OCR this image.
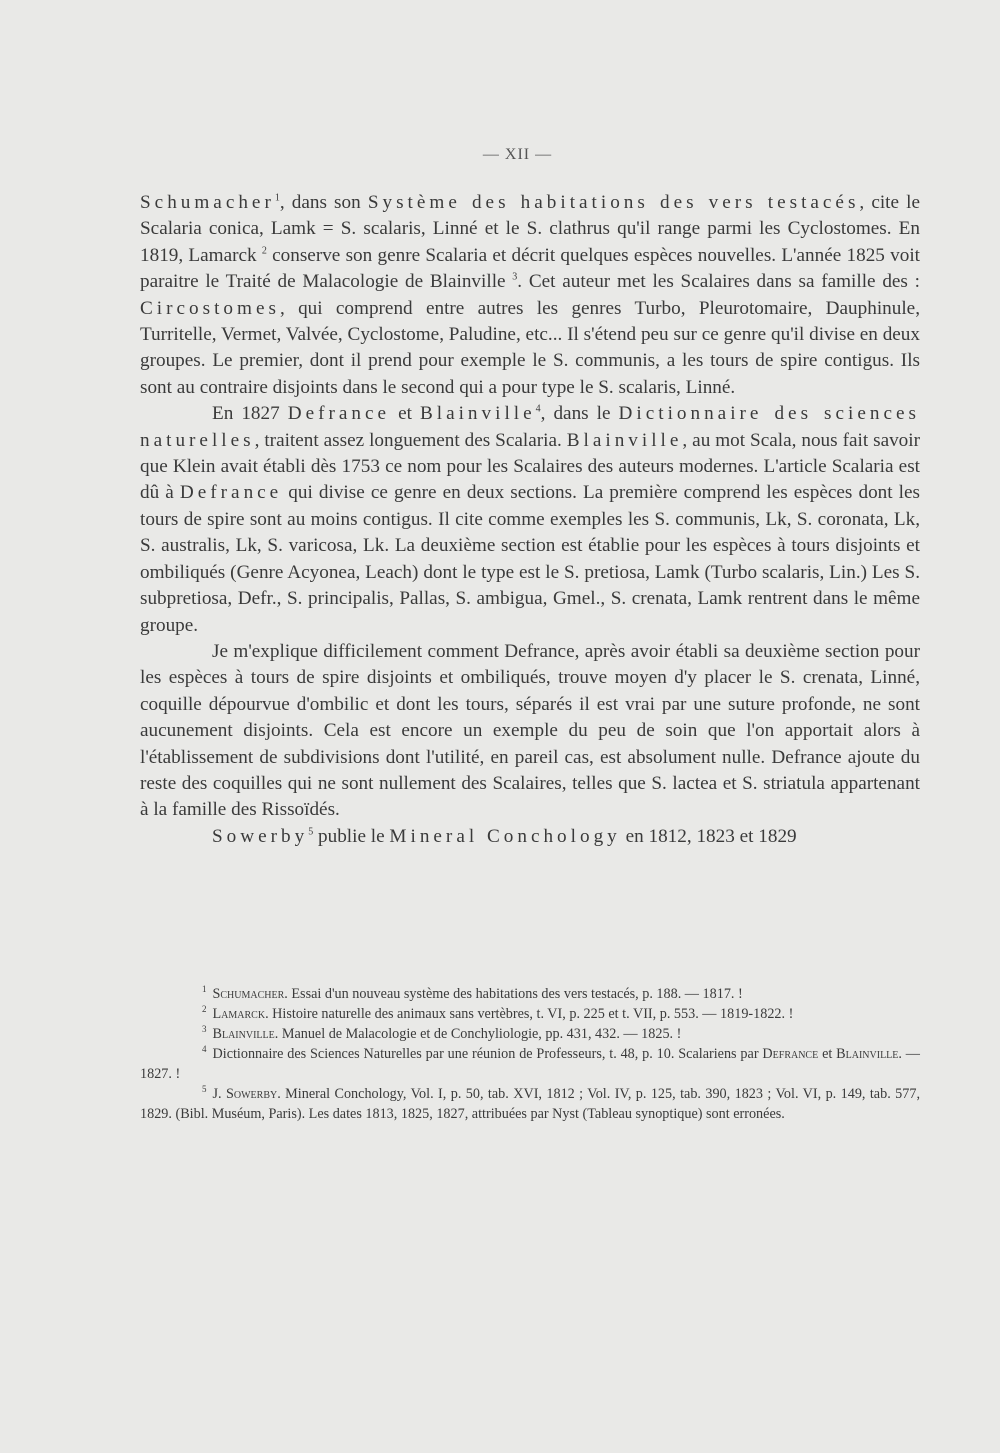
— XII —

Schumacher$^1$, dans son Système des habitations des vers testacés, cite le Scalaria conica, Lamk = S. scalaris, Linné et le S. clathrus qu'il range parmi les Cyclostomes. En 1819, Lamarck $^2$ conserve son genre Scalaria et décrit quelques espèces nouvelles. L'année 1825 voit paraitre le Traité de Malacologie de Blainville $^3$. Cet auteur met les Scalaires dans sa famille des : Circostomes, qui comprend entre autres les genres Turbo, Pleurotomaire, Dauphinule, Turritelle, Vermet, Valvée, Cyclostome, Paludine, etc... Il s'étend peu sur ce genre qu'il divise en deux groupes. Le premier, dont il prend pour exemple le S. communis, a les tours de spire contigus. Ils sont au contraire disjoints dans le second qui a pour type le S. scalaris, Linné.

En 1827 Defrance et Blainville$^4$, dans le Dictionnaire des sciences naturelles, traitent assez longuement des Scalaria. Blainville, au mot Scala, nous fait savoir que Klein avait établi dès 1753 ce nom pour les Scalaires des auteurs modernes. L'article Scalaria est dû à Defrance qui divise ce genre en deux sections. La première comprend les espèces dont les tours de spire sont au moins contigus. Il cite comme exemples les S. communis, Lk, S. coronata, Lk, S. australis, Lk, S. varicosa, Lk. La deuxième section est établie pour les espèces à tours disjoints et ombiliqués (Genre Acyonea, Leach) dont le type est le S. pretiosa, Lamk (Turbo scalaris, Lin.) Les S. subpretiosa, Defr., S. principalis, Pallas, S. ambigua, Gmel., S. crenata, Lamk rentrent dans le même groupe.

Je m'explique difficilement comment Defrance, après avoir établi sa deuxième section pour les espèces à tours de spire disjoints et ombiliqués, trouve moyen d'y placer le S. crenata, Linné, coquille dépourvue d'ombilic et dont les tours, séparés il est vrai par une suture profonde, ne sont aucunement disjoints. Cela est encore un exemple du peu de soin que l'on apportait alors à l'établissement de subdivisions dont l'utilité, en pareil cas, est absolument nulle. Defrance ajoute du reste des coquilles qui ne sont nullement des Scalaires, telles que S. lactea et S. striatula appartenant à la famille des Rissoïdés.

Sowerby$^5$ publie le Mineral Conchology en 1812, 1823 et 1829

$^1$ Schumacher. Essai d'un nouveau système des habitations des vers testacés, p. 188. — 1817. !

$^2$ Lamarck. Histoire naturelle des animaux sans vertèbres, t. VI, p. 225 et t. VII, p. 553. — 1819-1822. !

$^3$ Blainville. Manuel de Malacologie et de Conchyliologie, pp. 431, 432. — 1825. !

$^4$ Dictionnaire des Sciences Naturelles par une réunion de Professeurs, t. 48, p. 10. Scalariens par Defrance et Blainville. — 1827. !

$^5$ J. Sowerby. Mineral Conchology, Vol. I, p. 50, tab. XVI, 1812 ; Vol. IV, p. 125, tab. 390, 1823 ; Vol. VI, p. 149, tab. 577, 1829. (Bibl. Muséum, Paris). Les dates 1813, 1825, 1827, attribuées par Nyst (Tableau synoptique) sont erronées.
